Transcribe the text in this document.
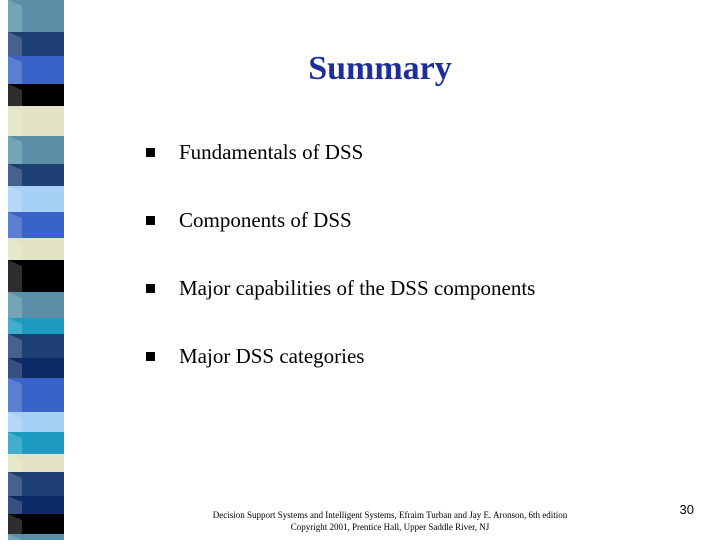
Summary
Fundamentals of DSS
Components of DSS
Major capabilities of the DSS components
Major DSS categories
Decision Support Systems and Intelligent Systems, Efraim Turban and Jay E. Aronson, 6th edition
Copyright 2001, Prentice Hall, Upper Saddle River, NJ
30
